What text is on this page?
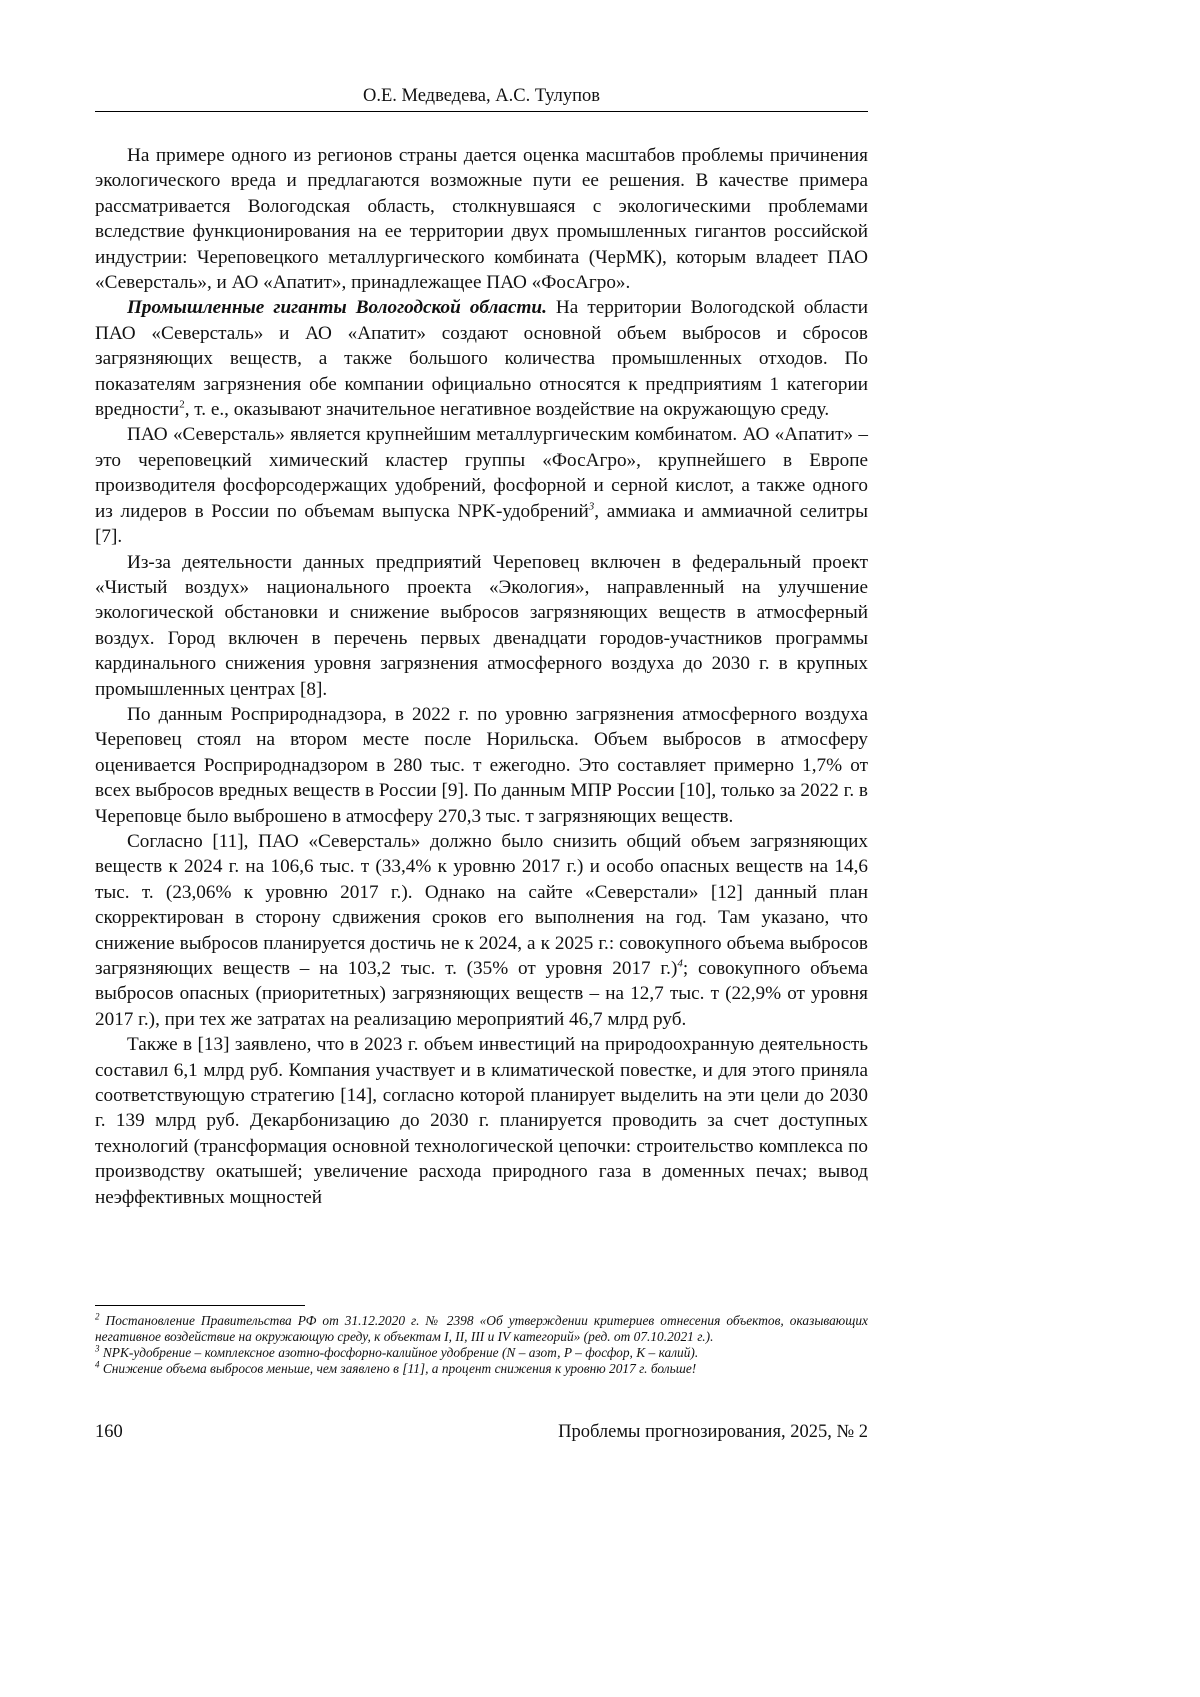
О.Е. Медведева, А.С. Тулупов

На примере одного из регионов страны дается оценка масштабов проблемы причинения экологического вреда и предлагаются возможные пути ее решения. В качестве примера рассматривается Вологодская область, столкнувшаяся с экологическими проблемами вследствие функционирования на ее территории двух промышленных гигантов российской индустрии: Череповецкого металлургического комбината (ЧерМК), которым владеет ПАО «Северсталь», и АО «Апатит», принадлежащее ПАО «ФосАгро».

Промышленные гиганты Вологодской области. На территории Вологодской области ПАО «Северсталь» и АО «Апатит» создают основной объем выбросов и сбросов загрязняющих веществ, а также большого количества промышленных отходов. По показателям загрязнения обе компании официально относятся к предприятиям 1 категории вредности$^2$, т. е., оказывают значительное негативное воздействие на окружающую среду.

ПАО «Северсталь» является крупнейшим металлургическим комбинатом. АО «Апатит» – это череповецкий химический кластер группы «ФосАгро», крупнейшего в Европе производителя фосфорсодержащих удобрений, фосфорной и серной кислот, а также одного из лидеров в России по объемам выпуска NPK-удобрений$^3$, аммиака и аммиачной селитры [7].

Из-за деятельности данных предприятий Череповец включен в федеральный проект «Чистый воздух» национального проекта «Экология», направленный на улучшение экологической обстановки и снижение выбросов загрязняющих веществ в атмосферный воздух. Город включен в перечень первых двенадцати городов-участников программы кардинального снижения уровня загрязнения атмосферного воздуха до 2030 г. в крупных промышленных центрах [8].

По данным Росприроднадзора, в 2022 г. по уровню загрязнения атмосферного воздуха Череповец стоял на втором месте после Норильска. Объем выбросов в атмосферу оценивается Росприроднадзором в 280 тыс. т ежегодно. Это составляет примерно 1,7% от всех выбросов вредных веществ в России [9]. По данным МПР России [10], только за 2022 г. в Череповце было выброшено в атмосферу 270,3 тыс. т загрязняющих веществ.

Согласно [11], ПАО «Северсталь» должно было снизить общий объем загрязняющих веществ к 2024 г. на 106,6 тыс. т (33,4% к уровню 2017 г.) и особо опасных веществ на 14,6 тыс. т. (23,06% к уровню 2017 г.). Однако на сайте «Северстали» [12] данный план скорректирован в сторону сдвижения сроков его выполнения на год. Там указано, что снижение выбросов планируется достичь не к 2024, а к 2025 г.: совокупного объема выбросов загрязняющих веществ – на 103,2 тыс. т. (35% от уровня 2017 г.)$^4$; совокупного объема выбросов опасных (приоритетных) загрязняющих веществ – на 12,7 тыс. т (22,9% от уровня 2017 г.), при тех же затратах на реализацию мероприятий 46,7 млрд руб.

Также в [13] заявлено, что в 2023 г. объем инвестиций на природоохранную деятельность составил 6,1 млрд руб. Компания участвует и в климатической повестке, и для этого приняла соответствующую стратегию [14], согласно которой планирует выделить на эти цели до 2030 г. 139 млрд руб. Декарбонизацию до 2030 г. планируется проводить за счет доступных технологий (трансформация основной технологической цепочки: строительство комплекса по производству окатышей; увеличение расхода природного газа в доменных печах; вывод неэффективных мощностей

$^2$ Постановление Правительства РФ от 31.12.2020 г. № 2398 «Об утверждении критериев отнесения объектов, оказывающих негативное воздействие на окружающую среду, к объектам I, II, III и IV категорий» (ред. от 07.10.2021 г.).

$^3$ NPK-удобрение – комплексное азотно-фосфорно-калийное удобрение (N – азот, P – фосфор, K – калий).

$^4$ Снижение объема выбросов меньше, чем заявлено в [11], а процент снижения к уровню 2017 г. больше!

160	Проблемы прогнозирования, 2025, № 2
